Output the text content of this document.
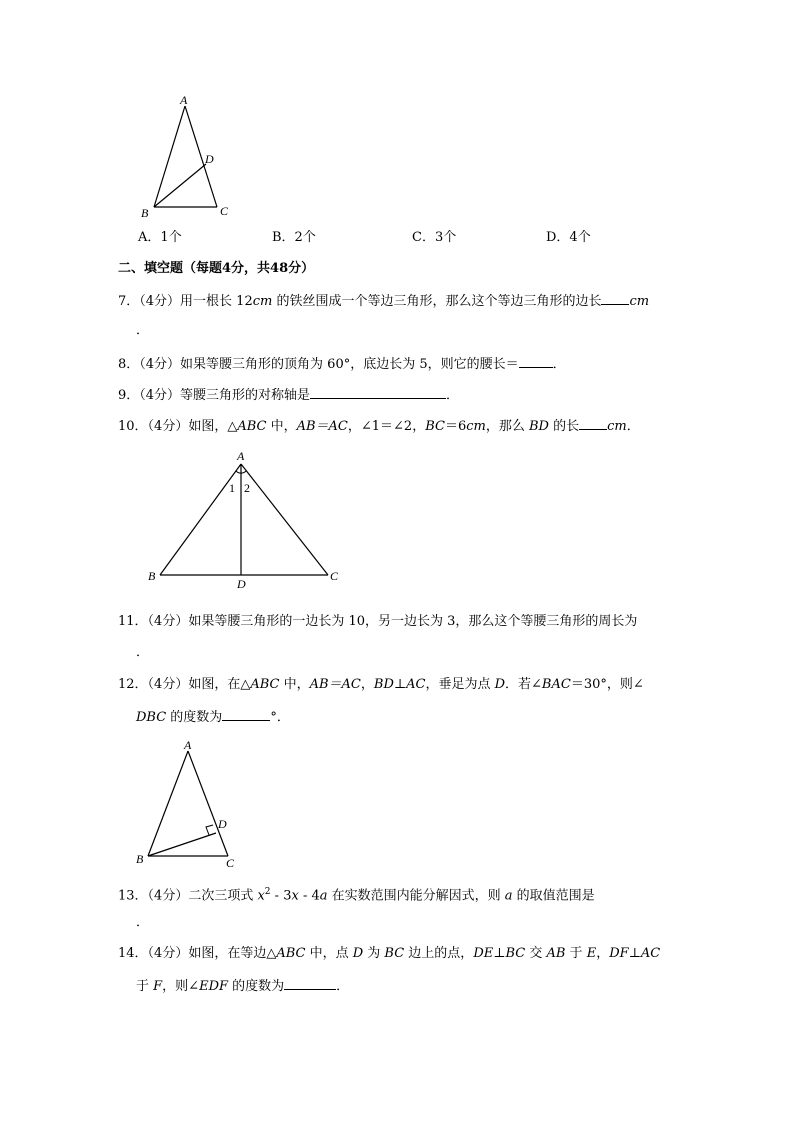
A
B	C
D
A．1个	B．2个	C．3个	D．4个
二、填空题（每题4分，共48分）
7．（4分）用一根长 12cm 的铁丝围成一个等边三角形，那么这个等边三角形的边长 cm
．
8．（4分）如果等腰三角形的顶角为 60°，底边长为 5，则它的腰长＝	．
9．（4分）等腰三角形的对称轴是	．
10．（4分）如图，△ABC 中，AB＝AC，∠1＝∠2，BC＝6cm，那么 BD 的长 cm．
A
B	C
D
1 2
11．（4分）如果等腰三角形的一边长为 10，另一边长为 3，那么这个等腰三角形的周长为
．
12．（4分）如图，在△ABC 中，AB＝AC，BD⊥AC，垂足为点 D．若∠BAC＝30°，则∠
DBC 的度数为	°．
A
B	C
D
13．（4分）二次三项式 $x^2 - 3x - 4a$ 在实数范围内能分解因式，则 a 的取值范围是
．
14．（4分）如图，在等边△ABC 中，点 D 为 BC 边上的点，DE⊥BC 交 AB 于 E，DF⊥AC
于 F，则∠EDF 的度数为	．
